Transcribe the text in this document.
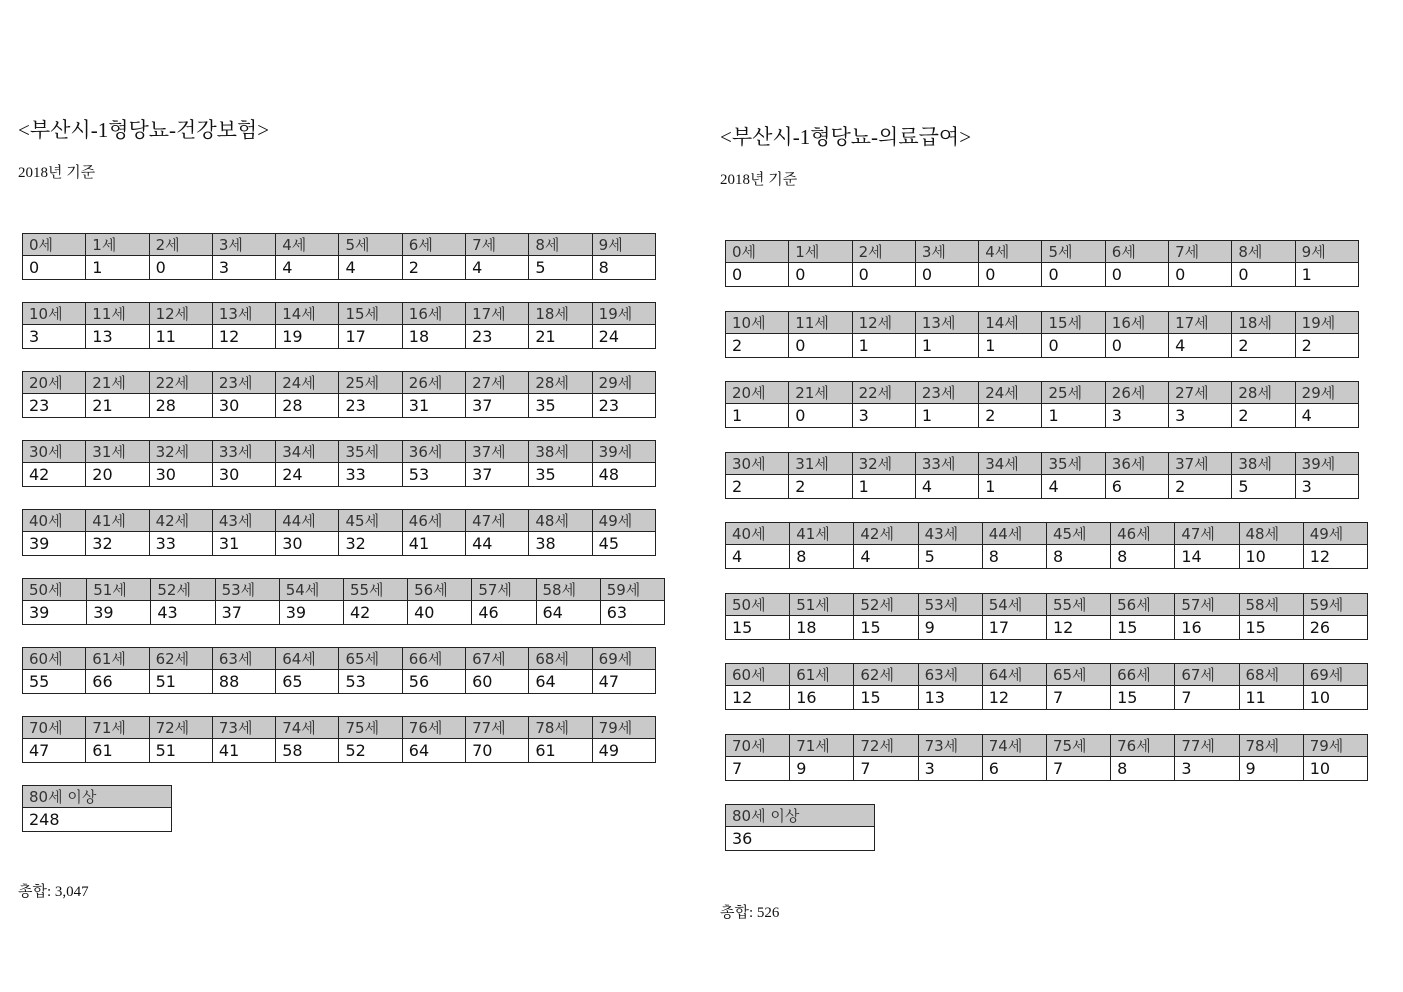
<부산시-1형당뇨-건강보험>
2018년 기준
0세	1세	2세	3세	4세	5세	6세	7세	8세	9세
0	1	0	3	4	4	2	4	5	8
10세	11세	12세	13세	14세	15세	16세	17세	18세	19세
3	13	11	12	19	17	18	23	21	24
20세	21세	22세	23세	24세	25세	26세	27세	28세	29세
23	21	28	30	28	23	31	37	35	23
30세	31세	32세	33세	34세	35세	36세	37세	38세	39세
42	20	30	30	24	33	53	37	35	48
40세	41세	42세	43세	44세	45세	46세	47세	48세	49세
39	32	33	31	30	32	41	44	38	45
50세	51세	52세	53세	54세	55세	56세	57세	58세	59세
39	39	43	37	39	42	40	46	64	63
60세	61세	62세	63세	64세	65세	66세	67세	68세	69세
55	66	51	88	65	53	56	60	64	47
70세	71세	72세	73세	74세	75세	76세	77세	78세	79세
47	61	51	41	58	52	64	70	61	49
80세 이상
248
총합: 3,047
<부산시-1형당뇨-의료급여>
2018년 기준
0세	1세	2세	3세	4세	5세	6세	7세	8세	9세
0	0	0	0	0	0	0	0	0	1
10세	11세	12세	13세	14세	15세	16세	17세	18세	19세
2	0	1	1	1	0	0	4	2	2
20세	21세	22세	23세	24세	25세	26세	27세	28세	29세
1	0	3	1	2	1	3	3	2	4
30세	31세	32세	33세	34세	35세	36세	37세	38세	39세
2	2	1	4	1	4	6	2	5	3
40세	41세	42세	43세	44세	45세	46세	47세	48세	49세
4	8	4	5	8	8	8	14	10	12
50세	51세	52세	53세	54세	55세	56세	57세	58세	59세
15	18	15	9	17	12	15	16	15	26
60세	61세	62세	63세	64세	65세	66세	67세	68세	69세
12	16	15	13	12	7	15	7	11	10
70세	71세	72세	73세	74세	75세	76세	77세	78세	79세
7	9	7	3	6	7	8	3	9	10
80세 이상
36
총합: 526
